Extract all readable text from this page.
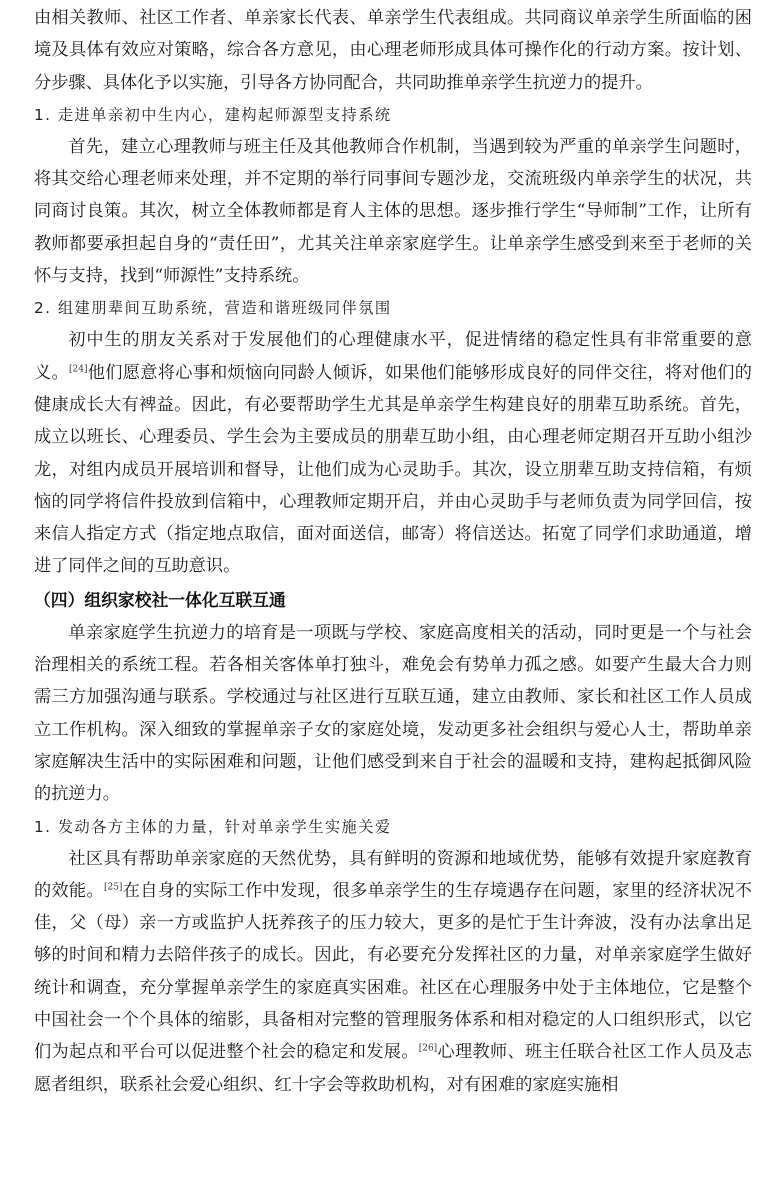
由相关教师、社区工作者、单亲家长代表、单亲学生代表组成。共同商议单亲学生所面临的困境及具体有效应对策略，综合各方意见，由心理老师形成具体可操作化的行动方案。按计划、分步骤、具体化予以实施，引导各方协同配合，共同助推单亲学生抗逆力的提升。

1. 走进单亲初中生内心，建构起师源型支持系统

首先，建立心理教师与班主任及其他教师合作机制，当遇到较为严重的单亲学生问题时，将其交给心理老师来处理，并不定期的举行同事间专题沙龙，交流班级内单亲学生的状况，共同商讨良策。其次，树立全体教师都是育人主体的思想。逐步推行学生“导师制”工作，让所有教师都要承担起自身的“责任田”，尤其关注单亲家庭学生。让单亲学生感受到来至于老师的关怀与支持，找到“师源性”支持系统。

2. 组建朋辈间互助系统，营造和谐班级同伴氛围

初中生的朋友关系对于发展他们的心理健康水平，促进情绪的稳定性具有非常重要的意义。[24]他们愿意将心事和烦恼向同龄人倾诉，如果他们能够形成良好的同伴交往，将对他们的健康成长大有裨益。因此，有必要帮助学生尤其是单亲学生构建良好的朋辈互助系统。首先，成立以班长、心理委员、学生会为主要成员的朋辈互助小组，由心理老师定期召开互助小组沙龙，对组内成员开展培训和督导，让他们成为心灵助手。其次，设立朋辈互助支持信箱，有烦恼的同学将信件投放到信箱中，心理教师定期开启，并由心灵助手与老师负责为同学回信，按来信人指定方式（指定地点取信，面对面送信，邮寄）将信送达。拓宽了同学们求助通道，增进了同伴之间的互助意识。

（四）组织家校社一体化互联互通

单亲家庭学生抗逆力的培育是一项既与学校、家庭高度相关的活动，同时更是一个与社会治理相关的系统工程。若各相关客体单打独斗，难免会有势单力孤之感。如要产生最大合力则需三方加强沟通与联系。学校通过与社区进行互联互通，建立由教师、家长和社区工作人员成立工作机构。深入细致的掌握单亲子女的家庭处境，发动更多社会组织与爱心人士，帮助单亲家庭解决生活中的实际困难和问题，让他们感受到来自于社会的温暖和支持，建构起抵御风险的抗逆力。

1. 发动各方主体的力量，针对单亲学生实施关爱

社区具有帮助单亲家庭的天然优势，具有鲜明的资源和地域优势，能够有效提升家庭教育的效能。[25]在自身的实际工作中发现，很多单亲学生的生存境遇存在问题，家里的经济状况不佳，父（母）亲一方或监护人抚养孩子的压力较大，更多的是忙于生计奔波，没有办法拿出足够的时间和精力去陪伴孩子的成长。因此，有必要充分发挥社区的力量，对单亲家庭学生做好统计和调查，充分掌握单亲学生的家庭真实困难。社区在心理服务中处于主体地位，它是整个中国社会一个个具体的缩影，具备相对完整的管理服务体系和相对稳定的人口组织形式，以它们为起点和平台可以促进整个社会的稳定和发展。[26]心理教师、班主任联合社区工作人员及志愿者组织，联系社会爱心组织、红十字会等救助机构，对有困难的家庭实施相
